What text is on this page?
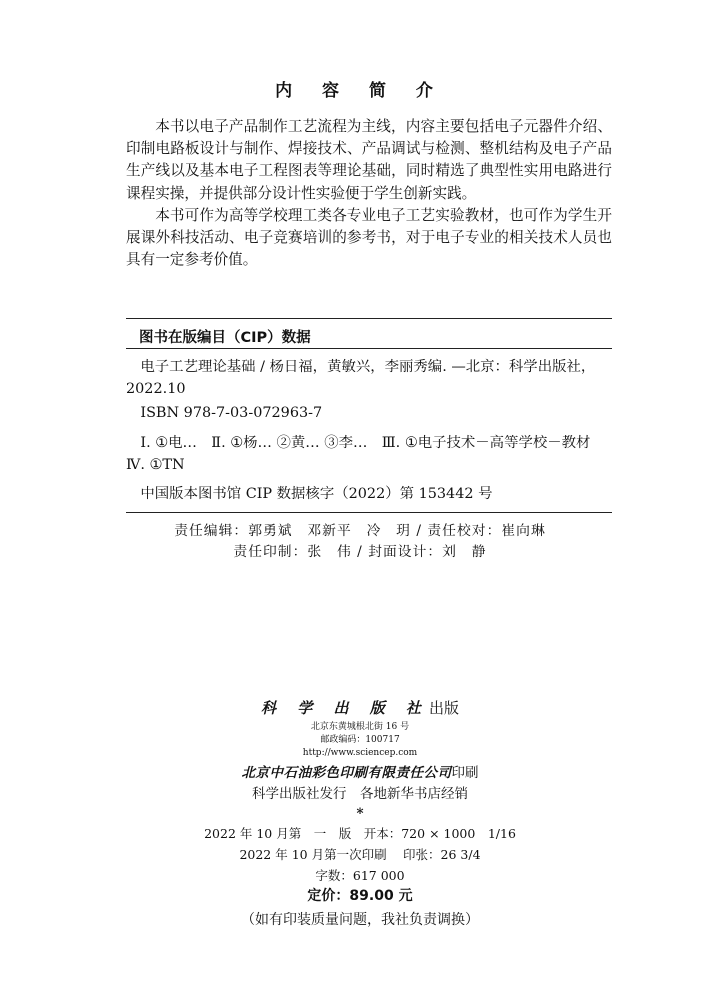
内 容 简 介

本书以电子产品制作工艺流程为主线，内容主要包括电子元器件介绍、印制电路板设计与制作、焊接技术、产品调试与检测、整机结构及电子产品生产线以及基本电子工程图表等理论基础，同时精选了典型性实用电路进行课程实操，并提供部分设计性实验便于学生创新实践。

本书可作为高等学校理工类各专业电子工艺实验教材，也可作为学生开展课外科技活动、电子竞赛培训的参考书，对于电子专业的相关技术人员也具有一定参考价值。

图书在版编目（CIP）数据

电子工艺理论基础 / 杨日福，黄敏兴，李丽秀编. —北京：科学出版社，2022.10

ISBN 978-7-03-072963-7

Ⅰ. ①电…　Ⅱ. ①杨… ②黄… ③李…　Ⅲ. ①电子技术－高等学校－教材　Ⅳ. ①TN

中国版本图书馆 CIP 数据核字（2022）第 153442 号

责任编辑：郭勇斌　邓新平　冷　玥 / 责任校对：崔向琳
责任印制：张　伟 / 封面设计：刘　静
科 学 出 版 社出版
北京东黄城根北街 16 号
邮政编码：100717
http://www.sciencep.com
北京中石油彩色印刷有限责任公司印刷
科学出版社发行　各地新华书店经销
*
2022 年 10 月第　一　版　开本：720 × 1000　1/16
2022 年 10 月第一次印刷　 印张：26 3/4
字数：617 000
定价：89.00 元
（如有印装质量问题，我社负责调换）
